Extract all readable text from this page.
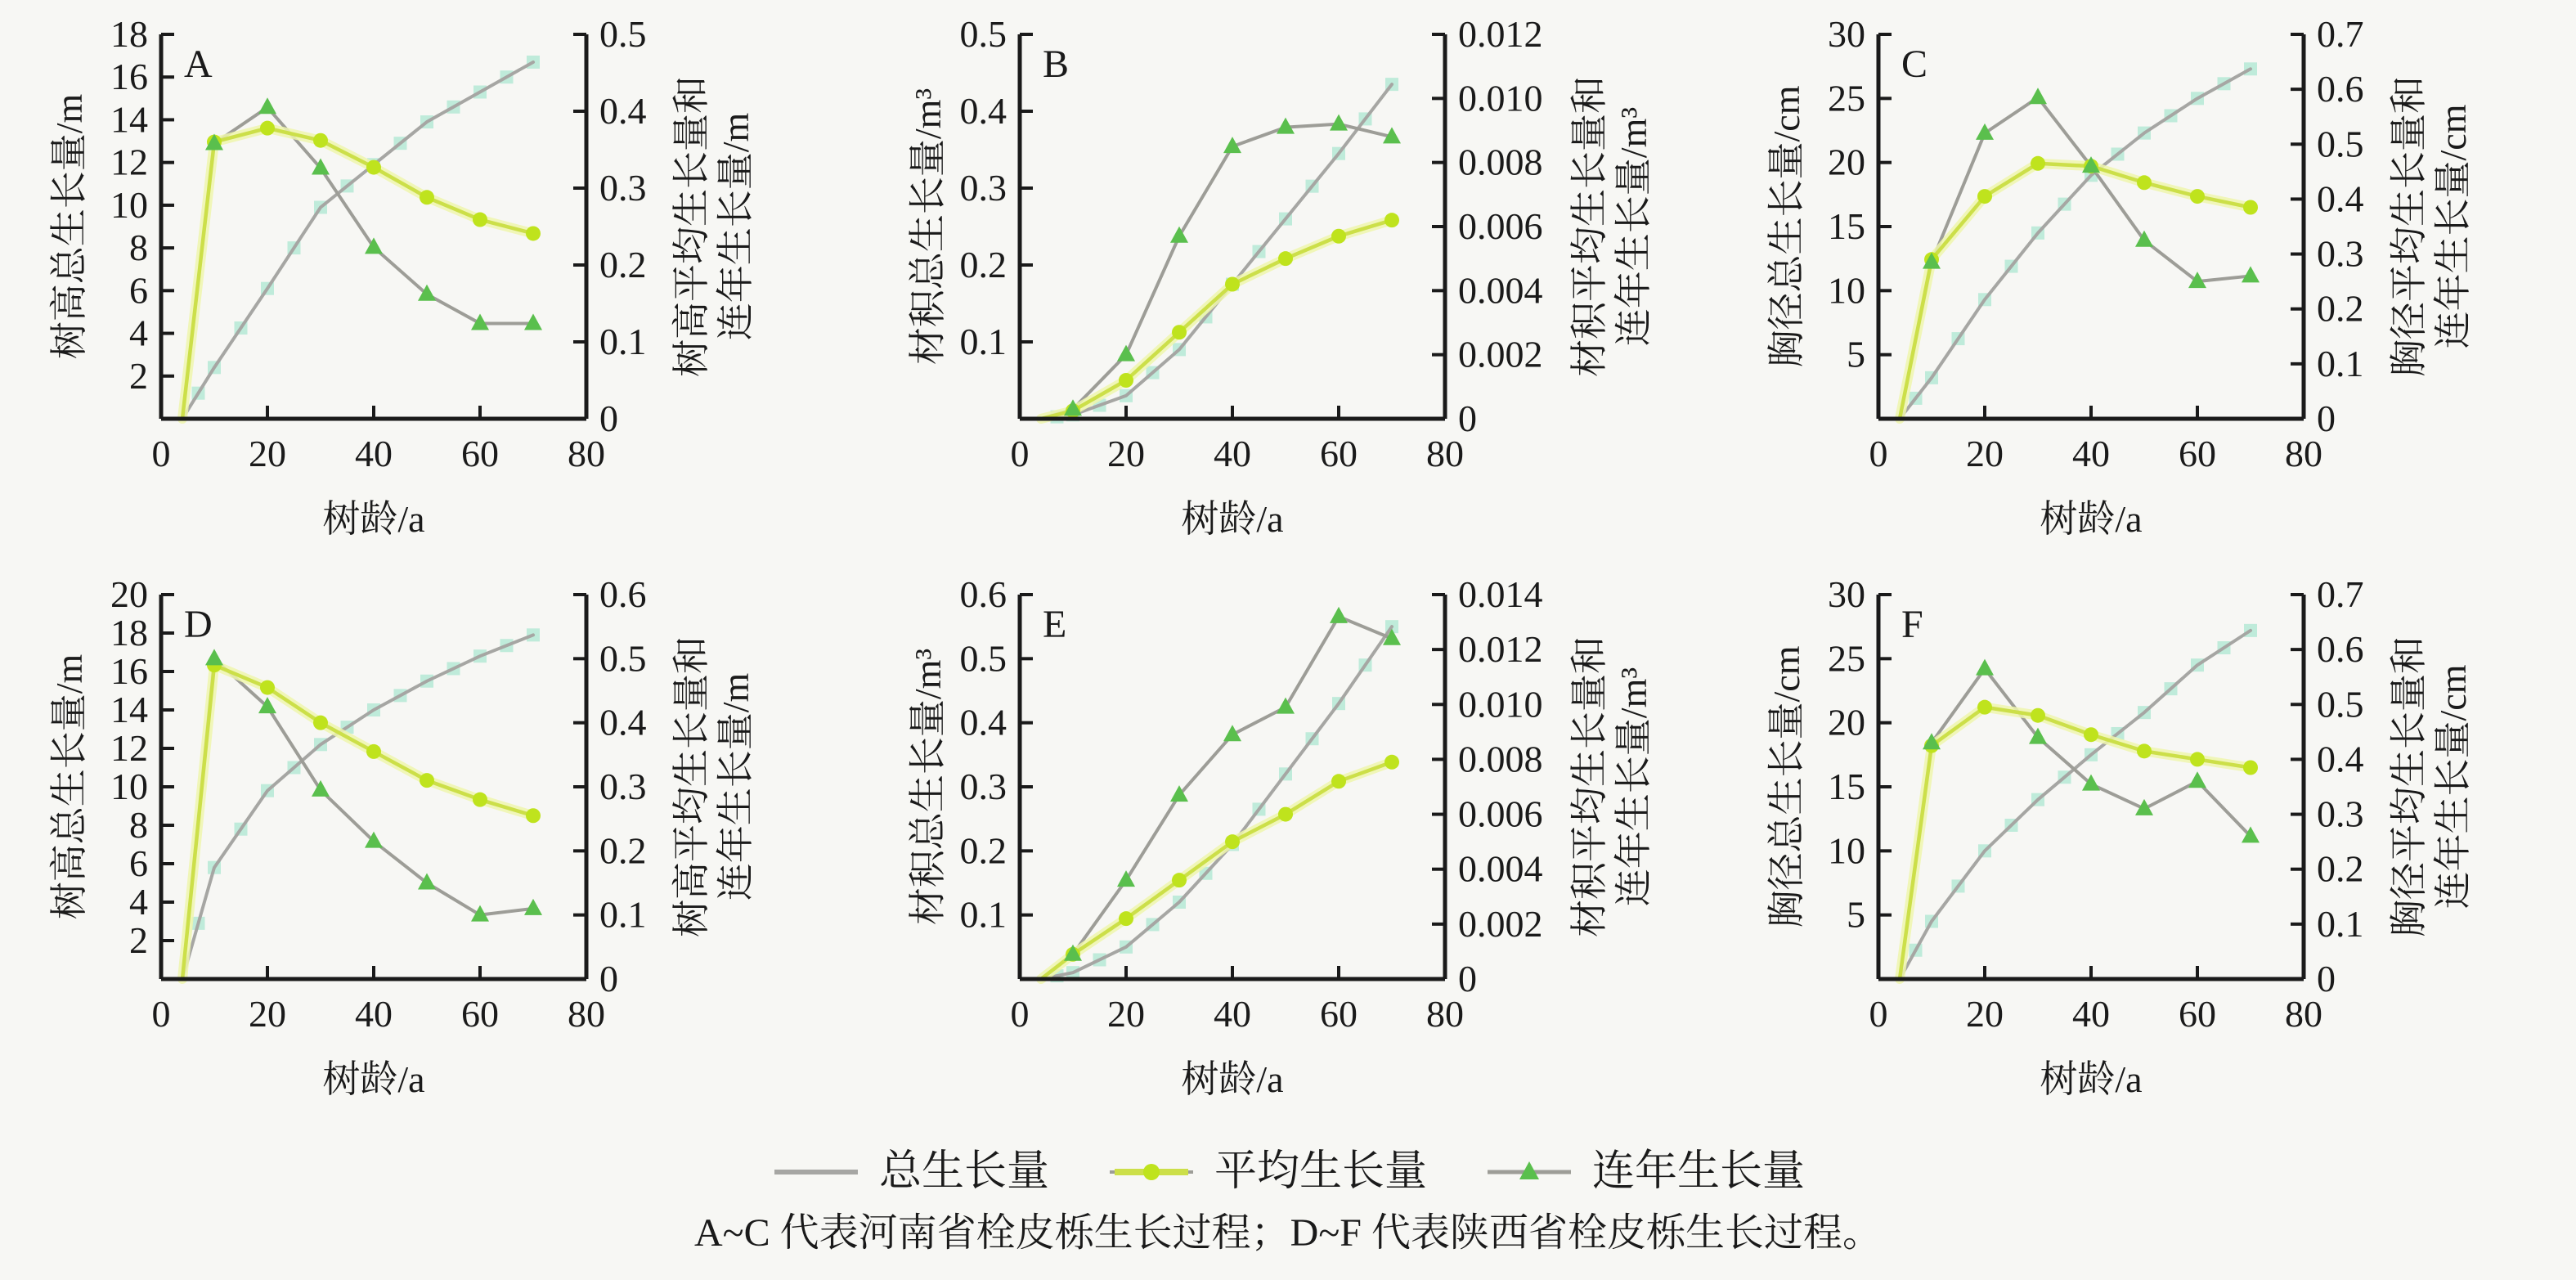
0 20 40 60 80
2
4
6
8
10
12
14
16
18
0
0.1
0.2
0.3
0.4
0.5
A
树龄/a
树高总生长量/m	树高平均生长量和 连年生长量/m
0 20 40 60 80
0.1
0.2
0.3
0.4
0.5
0
0.002
0.004
0.006
0.008
0.010
0.012
B
树龄/a
材积总生长量/m³	材积平均生长量和 连年生长量/m³
0 20 40 60 80
5
10
15
20
25
30
0
0.1
0.2
0.3
0.4
0.5
0.6
0.7
C
树龄/a
胸径总生长量/cm	胸径平均生长量和 连年生长量/cm
0 20 40 60 80
2
4
6
8
10
12
14
16
18
20
0
0.1
0.2
0.3
0.4
0.5
0.6
D
树龄/a
树高总生长量/m	树高平均生长量和 连年生长量/m
0 20 40 60 80
0.1
0.2
0.3
0.4
0.5
0.6
0
0.002
0.004
0.006
0.008
0.010
0.012
0.014
E
树龄/a
材积总生长量/m³	材积平均生长量和 连年生长量/m³
0 20 40 60 80
5
10
15
20
25
30
0
0.1
0.2
0.3
0.4
0.5
0.6
0.7
F
树龄/a
胸径总生长量/cm	胸径平均生长量和 连年生长量/cm
总生长量	平均生长量	连年生长量
A~C 代表河南省栓皮栎生长过程；D~F 代表陕西省栓皮栎生长过程。
